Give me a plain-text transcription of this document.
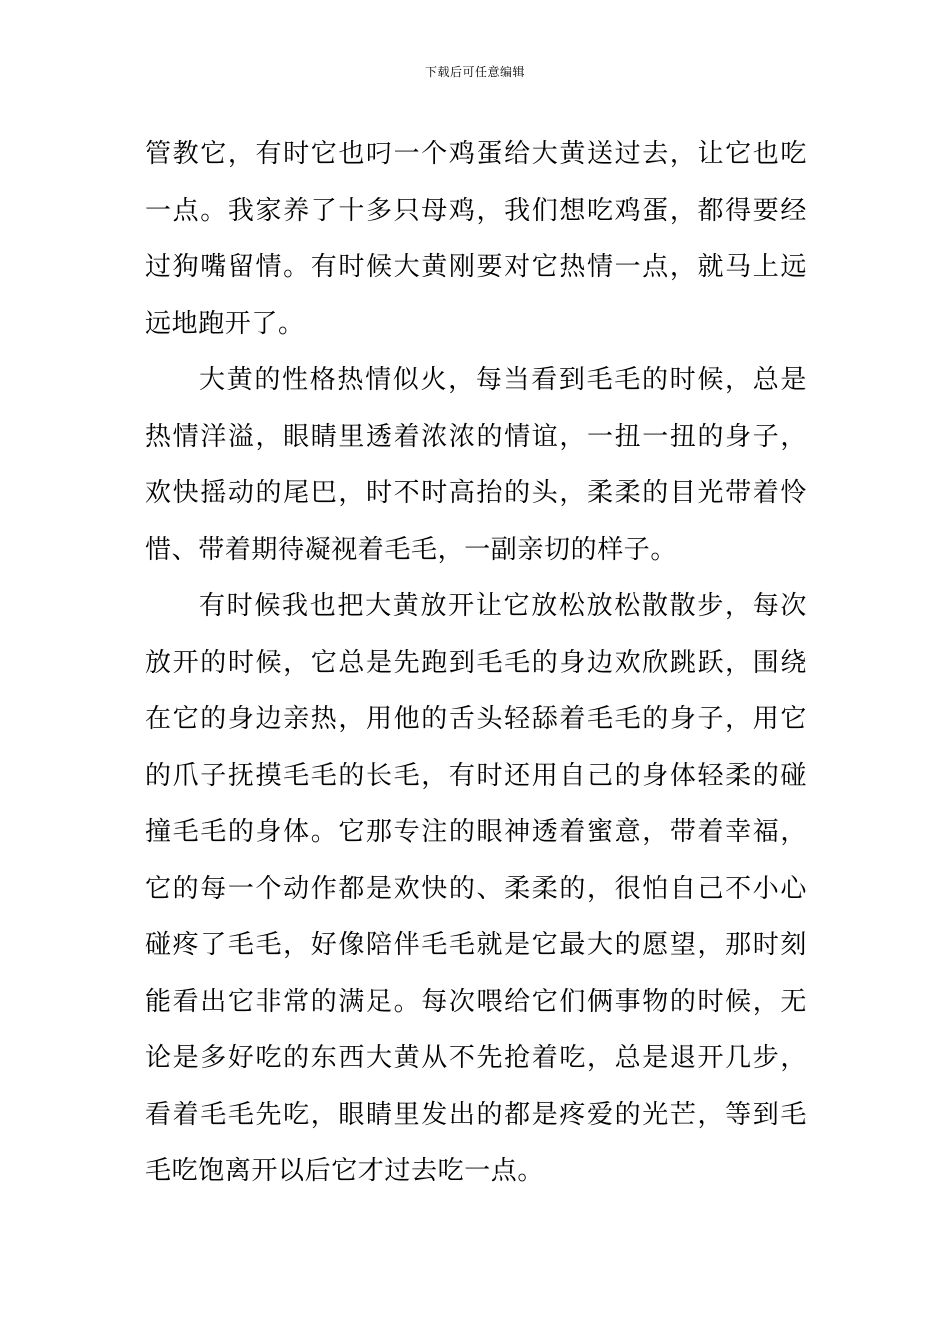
下载后可任意编辑

管教它，有时它也叼一个鸡蛋给大黄送过去，让它也吃一点。我家养了十多只母鸡，我们想吃鸡蛋，都得要经过狗嘴留情。有时候大黄刚要对它热情一点，就马上远远地跑开了。

大黄的性格热情似火，每当看到毛毛的时候，总是热情洋溢，眼睛里透着浓浓的情谊，一扭一扭的身子，欢快摇动的尾巴，时不时高抬的头，柔柔的目光带着怜惜、带着期待凝视着毛毛，一副亲切的样子。

有时候我也把大黄放开让它放松放松散散步，每次放开的时候，它总是先跑到毛毛的身边欢欣跳跃，围绕在它的身边亲热，用他的舌头轻舔着毛毛的身子，用它的爪子抚摸毛毛的长毛，有时还用自己的身体轻柔的碰撞毛毛的身体。它那专注的眼神透着蜜意，带着幸福，它的每一个动作都是欢快的、柔柔的，很怕自己不小心碰疼了毛毛，好像陪伴毛毛就是它最大的愿望，那时刻能看出它非常的满足。每次喂给它们俩事物的时候，无论是多好吃的东西大黄从不先抢着吃，总是退开几步，看着毛毛先吃，眼睛里发出的都是疼爱的光芒，等到毛毛吃饱离开以后它才过去吃一点。
